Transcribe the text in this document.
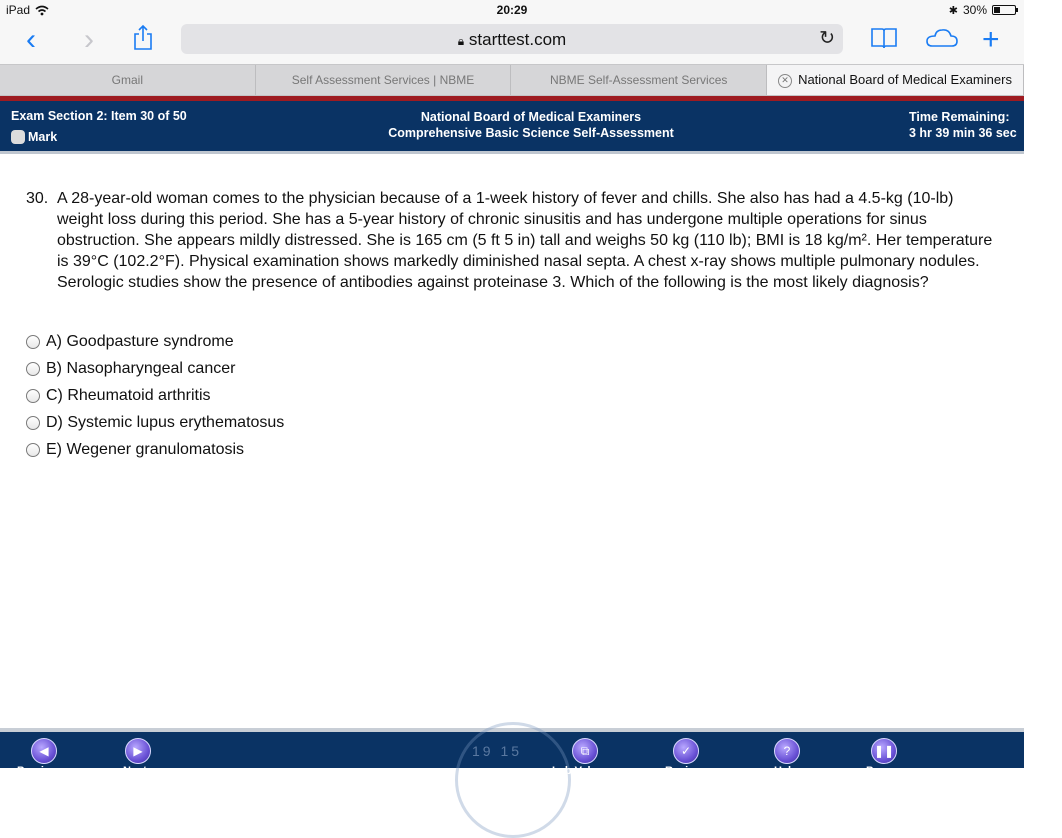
iPad	20:29	✱ 30%
‹ ›	🔒︎ starttest.com	↻	+
Gmail	Self Assessment Services | NBME	NBME Self-Assessment Services	✕ National Board of Medical Examiners
Exam Section 2: Item 30 of 50
Mark
National Board of Medical Examiners
Comprehensive Basic Science Self-Assessment
Time Remaining:
3 hr 39 min 36 sec
30. A 28-year-old woman comes to the physician because of a 1-week history of fever and chills. She also has had a 4.5-kg (10-lb) weight loss during this period. She has a 5-year history of chronic sinusitis and has undergone multiple operations for sinus obstruction. She appears mildly distressed. She is 165 cm (5 ft 5 in) tall and weighs 50 kg (110 lb); BMI is 18 kg/m². Her temperature is 39°C (102.2°F). Physical examination shows markedly diminished nasal septa. A chest x-ray shows multiple pulmonary nodules. Serologic studies show the presence of antibodies against proteinase 3. Which of the following is the most likely diagnosis?
A) Goodpasture syndrome
B) Nasopharyngeal cancer
C) Rheumatoid arthritis
D) Systemic lupus erythematosus
E) Wegener granulomatosis
19 15
◀
Previous
▶
Next
⧉
Lab Values
✓
Review
?
Help
❚❚
Pause
